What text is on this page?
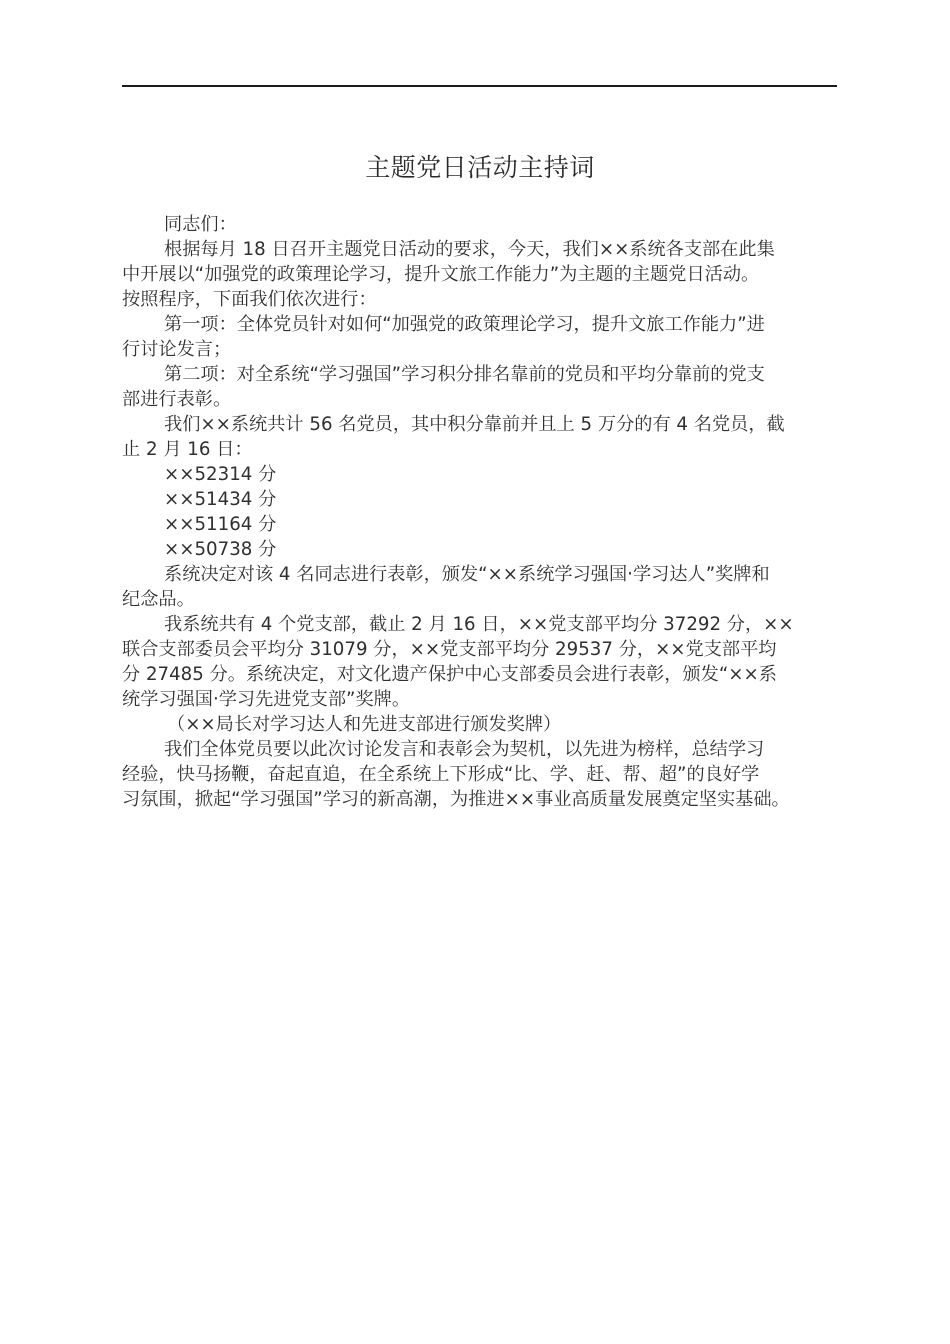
主题党日活动主持词
同志们：
根据每月 18 日召开主题党日活动的要求，今天，我们××系统各支部在此集
中开展以“加强党的政策理论学习，提升文旅工作能力”为主题的主题党日活动。
按照程序，下面我们依次进行：
第一项：全体党员针对如何“加强党的政策理论学习，提升文旅工作能力”进
行讨论发言；
第二项：对全系统“学习强国”学习积分排名靠前的党员和平均分靠前的党支
部进行表彰。
我们××系统共计 56 名党员，其中积分靠前并且上 5 万分的有 4 名党员，截
止 2 月 16 日：
××52314 分
××51434 分
××51164 分
××50738 分
系统决定对该 4 名同志进行表彰，颁发“××系统学习强国·学习达人”奖牌和
纪念品。
我系统共有 4 个党支部，截止 2 月 16 日，××党支部平均分 37292 分，××
联合支部委员会平均分 31079 分，××党支部平均分 29537 分，××党支部平均
分 27485 分。系统决定，对文化遗产保护中心支部委员会进行表彰，颁发“××系
统学习强国·学习先进党支部”奖牌。
（××局长对学习达人和先进支部进行颁发奖牌）
我们全体党员要以此次讨论发言和表彰会为契机，以先进为榜样，总结学习
经验，快马扬鞭，奋起直追，在全系统上下形成“比、学、赶、帮、超”的良好学
习氛围，掀起“学习强国”学习的新高潮，为推进××事业高质量发展奠定坚实基础。
